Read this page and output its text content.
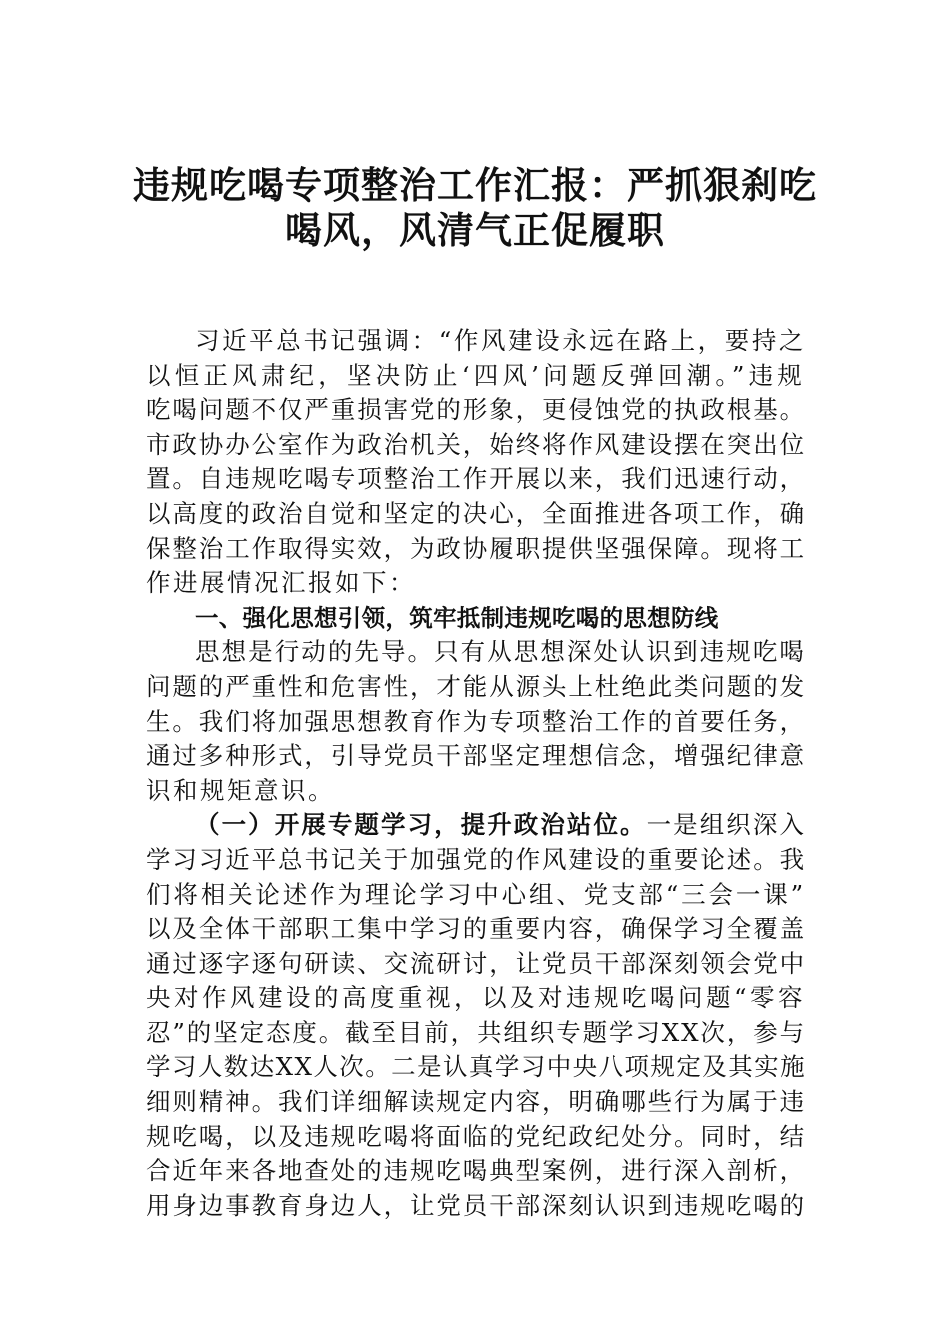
违规吃喝专项整治工作汇报：严抓狠刹吃
喝风，风清气正促履职
习近平总书记强调：“作风建设永远在路上，要持之
以恒正风肃纪，坚决防止‘四风’问题反弹回潮。”违规
吃喝问题不仅严重损害党的形象，更侵蚀党的执政根基。
市政协办公室作为政治机关，始终将作风建设摆在突出位
置。自违规吃喝专项整治工作开展以来，我们迅速行动，
以高度的政治自觉和坚定的决心，全面推进各项工作，确
保整治工作取得实效，为政协履职提供坚强保障。现将工
作进展情况汇报如下：
一、强化思想引领，筑牢抵制违规吃喝的思想防线
思想是行动的先导。只有从思想深处认识到违规吃喝
问题的严重性和危害性，才能从源头上杜绝此类问题的发
生。我们将加强思想教育作为专项整治工作的首要任务，
通过多种形式，引导党员干部坚定理想信念，增强纪律意
识和规矩意识。
（一）开展专题学习，提升政治站位。一是组织深入
学习习近平总书记关于加强党的作风建设的重要论述。我
们将相关论述作为理论学习中心组、党支部“三会一课”
以及全体干部职工集中学习的重要内容，确保学习全覆盖
通过逐字逐句研读、交流研讨，让党员干部深刻领会党中
央对作风建设的高度重视，以及对违规吃喝问题“零容
忍”的坚定态度。截至目前，共组织专题学习XX次，参与
学习人数达XX人次。二是认真学习中央八项规定及其实施
细则精神。我们详细解读规定内容，明确哪些行为属于违
规吃喝，以及违规吃喝将面临的党纪政纪处分。同时，结
合近年来各地查处的违规吃喝典型案例，进行深入剖析，
用身边事教育身边人，让党员干部深刻认识到违规吃喝的
